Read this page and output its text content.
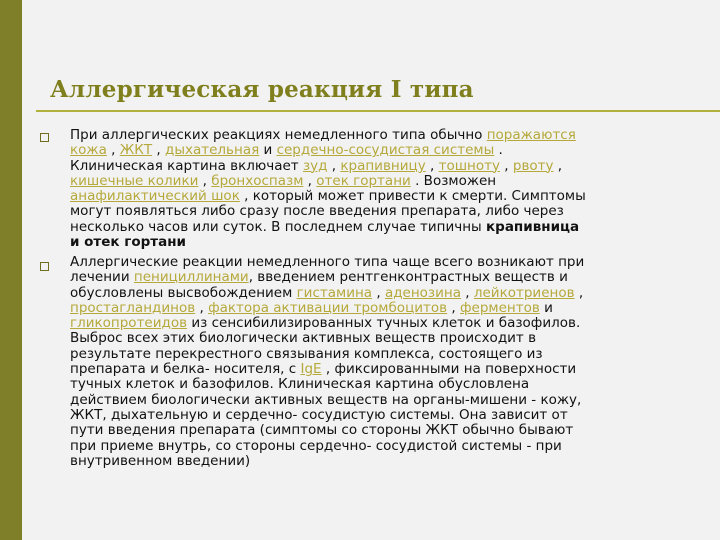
Аллергическая реакция I типа
При аллергических реакциях немедленного типа обычно поражаются
кожа , ЖКТ , дыхательная и сердечно-сосудистая системы .
Клиническая картина включает зуд , крапивницу , тошноту , рвоту ,
кишечные колики , бронхоспазм , отек гортани . Возможен
анафилактический шок , который может привести к смерти. Симптомы
могут появляться либо сразу после введения препарата, либо через
несколько часов или суток. В последнем случае типичны крапивница
и отек гортани
Аллергические реакции немедленного типа чаще всего возникают при
лечении пенициллинами, введением рентгенконтрастных веществ и
обусловлены высвобождением гистамина , аденозина , лейкотриенов ,
простагландинов , фактора активации тромбоцитов , ферментов и
гликопротеидов из сенсибилизированных тучных клеток и базофилов.
Выброс всех этих биологически активных веществ происходит в
результате перекрестного связывания комплекса, состоящего из
препарата и белка- носителя, с IgE , фиксированными на поверхности
тучных клеток и базофилов. Клиническая картина обусловлена
действием биологически активных веществ на органы-мишени - кожу,
ЖКТ, дыхательную и сердечно- сосудистую системы. Она зависит от
пути введения препарата (симптомы со стороны ЖКТ обычно бывают
при приеме внутрь, со стороны сердечно- сосудистой системы - при
внутривенном введении)
